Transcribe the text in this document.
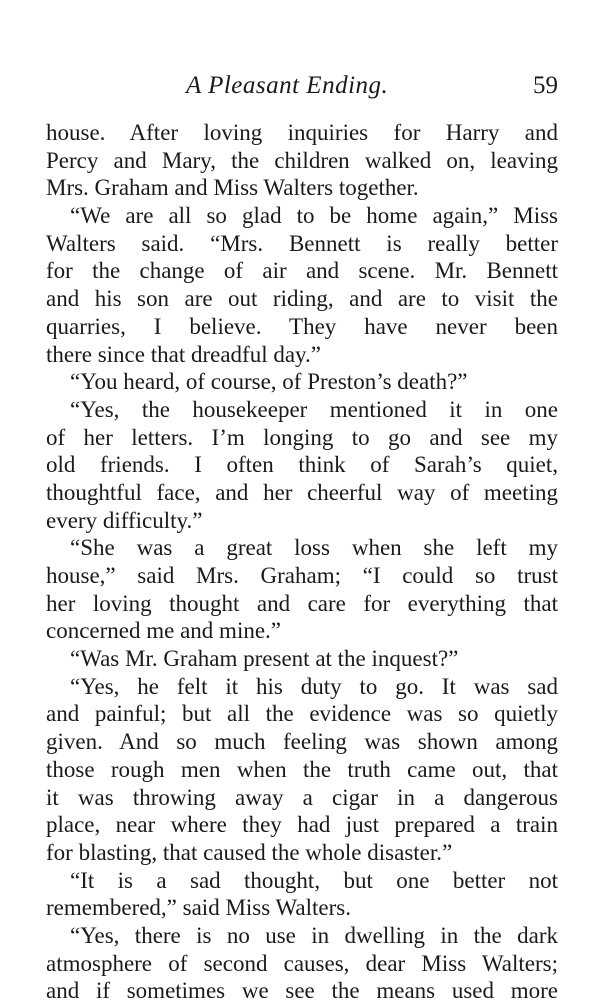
A Pleasant Ending.	59
house. After loving inquiries for Harry and
Percy and Mary, the children walked on, leaving
Mrs. Graham and Miss Walters together.
“We are all so glad to be home again,” Miss
Walters said. “Mrs. Bennett is really better
for the change of air and scene. Mr. Bennett
and his son are out riding, and are to visit the
quarries, I believe. They have never been
there since that dreadful day.”
“You heard, of course, of Preston’s death?”
“Yes, the housekeeper mentioned it in one
of her letters. I’m longing to go and see my
old friends. I often think of Sarah’s quiet,
thoughtful face, and her cheerful way of meeting
every difficulty.”
“She was a great loss when she left my
house,” said Mrs. Graham; “I could so trust
her loving thought and care for everything that
concerned me and mine.”
“Was Mr. Graham present at the inquest?”
“Yes, he felt it his duty to go. It was sad
and painful; but all the evidence was so quietly
given. And so much feeling was shown among
those rough men when the truth came out, that
it was throwing away a cigar in a dangerous
place, near where they had just prepared a train
for blasting, that caused the whole disaster.”
“It is a sad thought, but one better not
remembered,” said Miss Walters.
“Yes, there is no use in dwelling in the dark
atmosphere of second causes, dear Miss Walters;
and if sometimes we see the means used more
